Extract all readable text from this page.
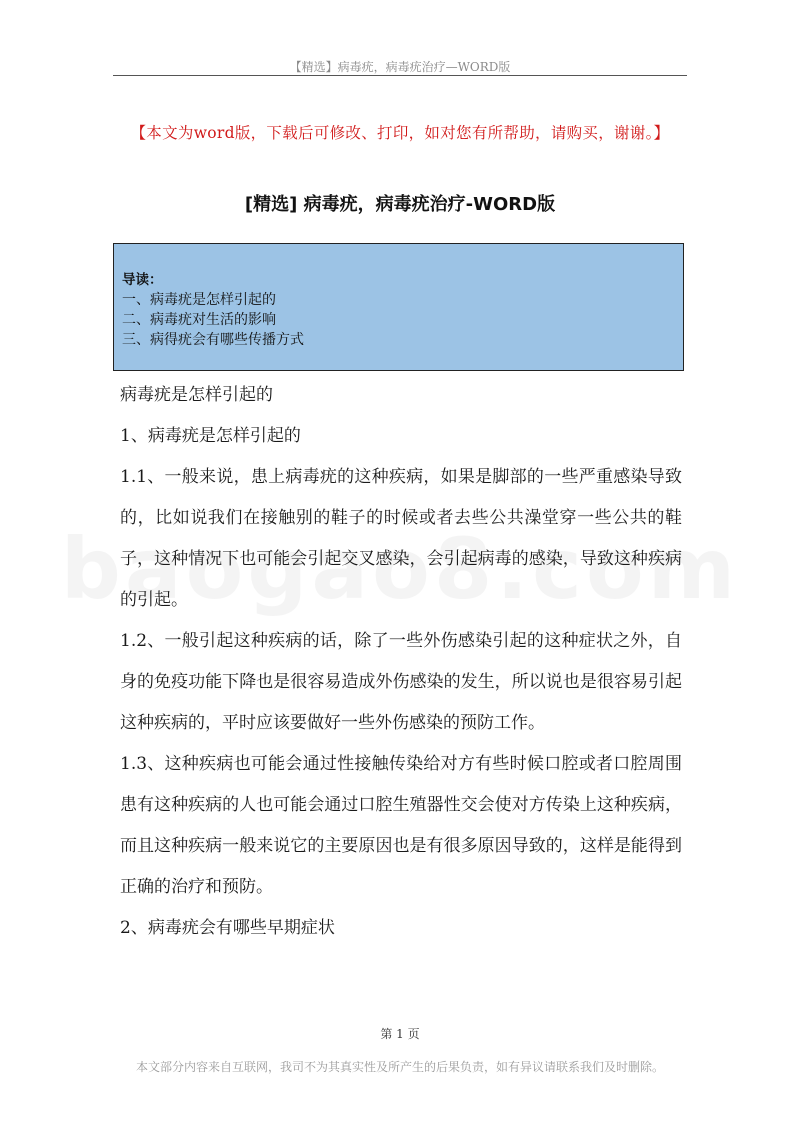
【精选】病毒疣，病毒疣治疗—WORD版
【本文为word版，下载后可修改、打印，如对您有所帮助，请购买，谢谢。】
[精选] 病毒疣，病毒疣治疗-WORD版
导读：
一、病毒疣是怎样引起的
二、病毒疣对生活的影响
三、病得疣会有哪些传播方式

病毒疣是怎样引起的

1、病毒疣是怎样引起的

1.1、一般来说，患上病毒疣的这种疾病，如果是脚部的一些严重感染导致的，比如说我们在接触别的鞋子的时候或者去些公共澡堂穿一些公共的鞋子，这种情况下也可能会引起交叉感染，会引起病毒的感染，导致这种疾病的引起。

1.2、一般引起这种疾病的话，除了一些外伤感染引起的这种症状之外，自身的免疫功能下降也是很容易造成外伤感染的发生，所以说也是很容易引起这种疾病的，平时应该要做好一些外伤感染的预防工作。

1.3、这种疾病也可能会通过性接触传染给对方有些时候口腔或者口腔周围患有这种疾病的人也可能会通过口腔生殖器性交会使对方传染上这种疾病，而且这种疾病一般来说它的主要原因也是有很多原因导致的，这样是能得到正确的治疗和预防。

2、病毒疣会有哪些早期症状

第 1 页
本文部分内容来自互联网，我司不为其真实性及所产生的后果负责，如有异议请联系我们及时删除。
